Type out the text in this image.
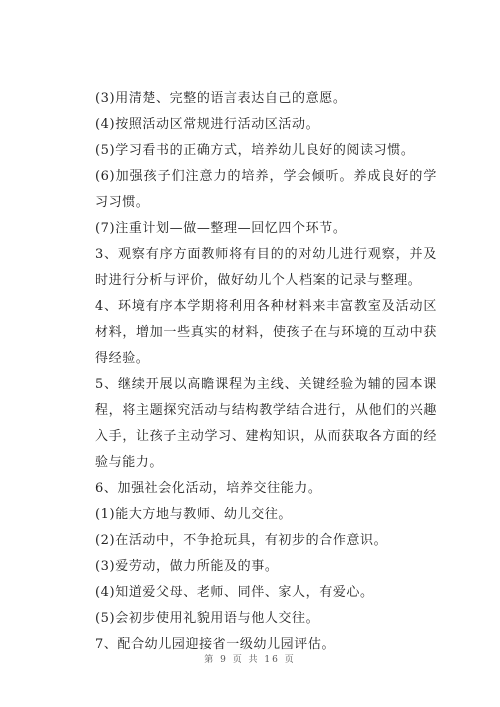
(3)用清楚、完整的语言表达自己的意愿。

(4)按照活动区常规进行活动区活动。

(5)学习看书的正确方式，培养幼儿良好的阅读习惯。

(6)加强孩子们注意力的培养，学会倾听。养成良好的学习习惯。

(7)注重计划—做—整理—回忆四个环节。

3、观察有序方面教师将有目的的对幼儿进行观察，并及时进行分析与评价，做好幼儿个人档案的记录与整理。

4、环境有序本学期将利用各种材料来丰富教室及活动区材料，增加一些真实的材料，使孩子在与环境的互动中获得经验。

5、继续开展以高瞻课程为主线、关键经验为辅的园本课程，将主题探究活动与结构教学结合进行，从他们的兴趣入手，让孩子主动学习、建构知识，从而获取各方面的经验与能力。

6、加强社会化活动，培养交往能力。

(1)能大方地与教师、幼儿交往。

(2)在活动中，不争抢玩具，有初步的合作意识。

(3)爱劳动，做力所能及的事。

(4)知道爱父母、老师、同伴、家人，有爱心。

(5)会初步使用礼貌用语与他人交往。

7、配合幼儿园迎接省一级幼儿园评估。

第 9 页 共 16 页
